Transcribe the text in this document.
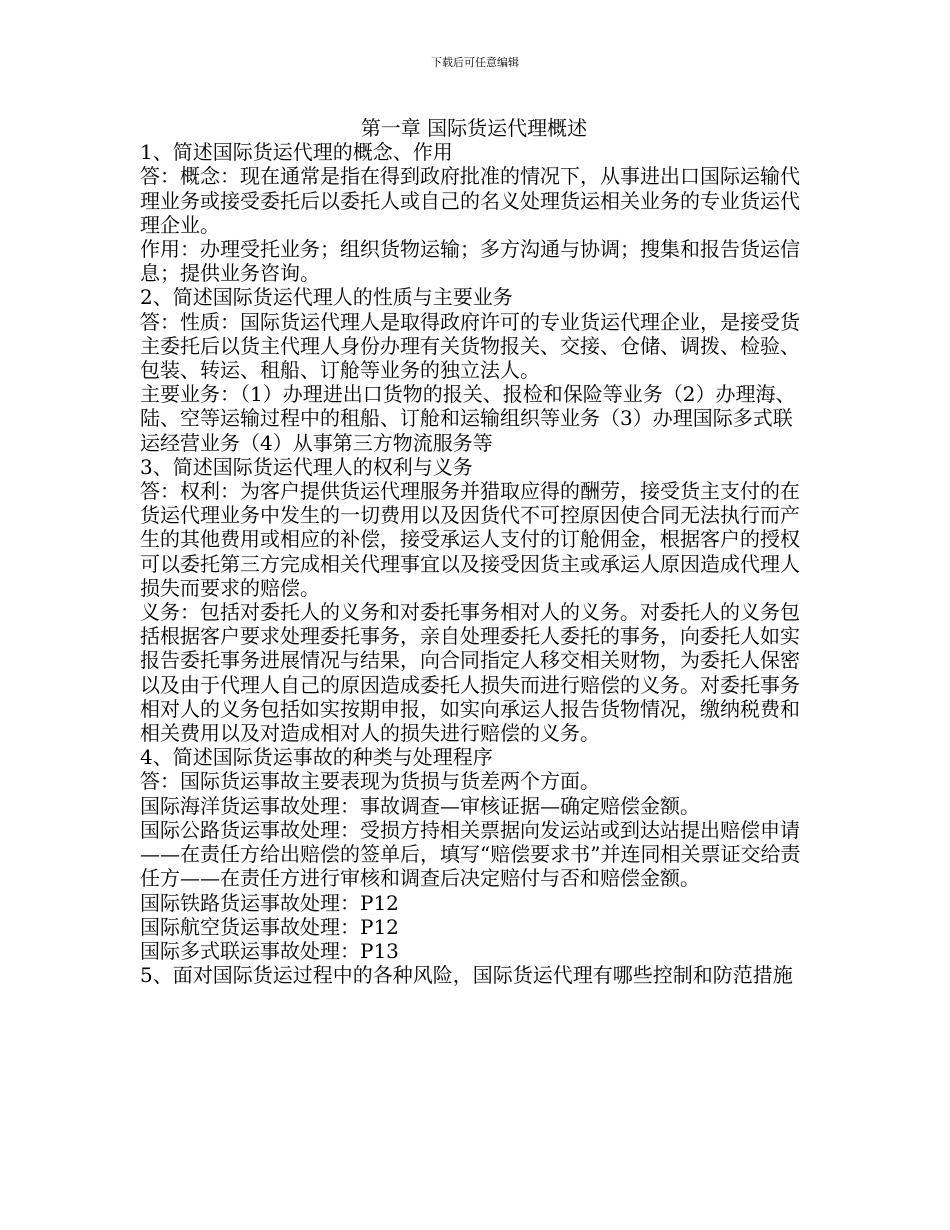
下载后可任意编辑
第一章 国际货运代理概述

1、简述国际货运代理的概念、作用

答：概念：现在通常是指在得到政府批准的情况下，从事进出口国际运输代理业务或接受委托后以委托人或自己的名义处理货运相关业务的专业货运代理企业。

作用：办理受托业务；组织货物运输；多方沟通与协调；搜集和报告货运信息；提供业务咨询。

2、简述国际货运代理人的性质与主要业务

答：性质：国际货运代理人是取得政府许可的专业货运代理企业，是接受货主委托后以货主代理人身份办理有关货物报关、交接、仓储、调拨、检验、包装、转运、租船、订舱等业务的独立法人。

主要业务：（1）办理进出口货物的报关、报检和保险等业务（2）办理海、陆、空等运输过程中的租船、订舱和运输组织等业务（3）办理国际多式联运经营业务（4）从事第三方物流服务等

3、简述国际货运代理人的权利与义务

答：权利：为客户提供货运代理服务并猎取应得的酬劳，接受货主支付的在货运代理业务中发生的一切费用以及因货代不可控原因使合同无法执行而产生的其他费用或相应的补偿，接受承运人支付的订舱佣金，根据客户的授权可以委托第三方完成相关代理事宜以及接受因货主或承运人原因造成代理人损失而要求的赔偿。

义务：包括对委托人的义务和对委托事务相对人的义务。对委托人的义务包括根据客户要求处理委托事务，亲自处理委托人委托的事务，向委托人如实报告委托事务进展情况与结果，向合同指定人移交相关财物，为委托人保密以及由于代理人自己的原因造成委托人损失而进行赔偿的义务。对委托事务相对人的义务包括如实按期申报，如实向承运人报告货物情况，缴纳税费和相关费用以及对造成相对人的损失进行赔偿的义务。

4、简述国际货运事故的种类与处理程序

答：国际货运事故主要表现为货损与货差两个方面。

国际海洋货运事故处理：事故调查—审核证据—确定赔偿金额。

国际公路货运事故处理：受损方持相关票据向发运站或到达站提出赔偿申请——在责任方给出赔偿的签单后，填写“赔偿要求书”并连同相关票证交给责任方——在责任方进行审核和调查后决定赔付与否和赔偿金额。

国际铁路货运事故处理：P12

国际航空货运事故处理：P12

国际多式联运事故处理：P13

5、面对国际货运过程中的各种风险，国际货运代理有哪些控制和防范措施
